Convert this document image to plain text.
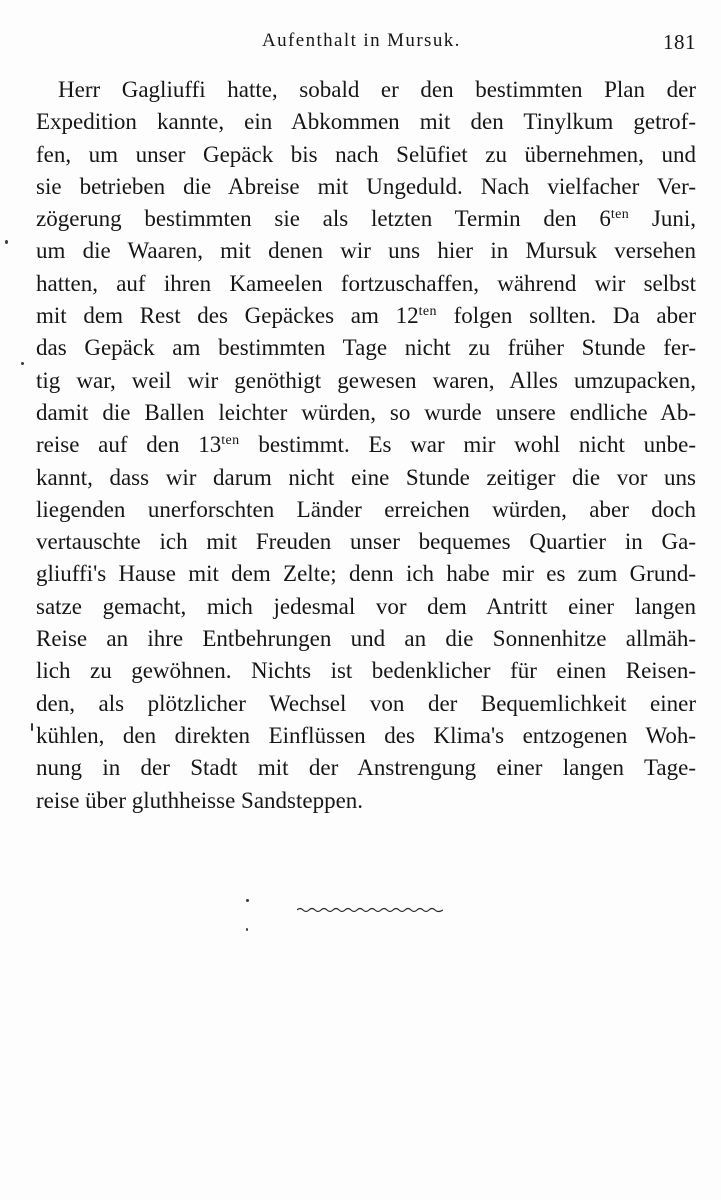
Aufenthalt in Mursuk.	181
Herr Gagliuffi hatte, sobald er den bestimmten Plan der
Expedition kannte, ein Abkommen mit den Tinylkum getrof-
fen, um unser Gepäck bis nach Selūfiet zu übernehmen, und
sie betrieben die Abreise mit Ungeduld. Nach vielfacher Ver-
zögerung bestimmten sie als letzten Termin den $6^{ten}$ Juni,
um die Waaren, mit denen wir uns hier in Mursuk versehen
hatten, auf ihren Kameelen fortzuschaffen, während wir selbst
mit dem Rest des Gepäckes am $12^{ten}$ folgen sollten. Da aber
das Gepäck am bestimmten Tage nicht zu früher Stunde fer-
tig war, weil wir genöthigt gewesen waren, Alles umzupacken,
damit die Ballen leichter würden, so wurde unsere endliche Ab-
reise auf den $13^{ten}$ bestimmt. Es war mir wohl nicht unbe-
kannt, dass wir darum nicht eine Stunde zeitiger die vor uns
liegenden unerforschten Länder erreichen würden, aber doch
vertauschte ich mit Freuden unser bequemes Quartier in Ga-
gliuffi's Hause mit dem Zelte; denn ich habe mir es zum Grund-
satze gemacht, mich jedesmal vor dem Antritt einer langen
Reise an ihre Entbehrungen und an die Sonnenhitze allmäh-
lich zu gewöhnen. Nichts ist bedenklicher für einen Reisen-
den, als plötzlicher Wechsel von der Bequemlichkeit einer
kühlen, den direkten Einflüssen des Klima's entzogenen Woh-
nung in der Stadt mit der Anstrengung einer langen Tage-
reise über gluthheisse Sandsteppen.
